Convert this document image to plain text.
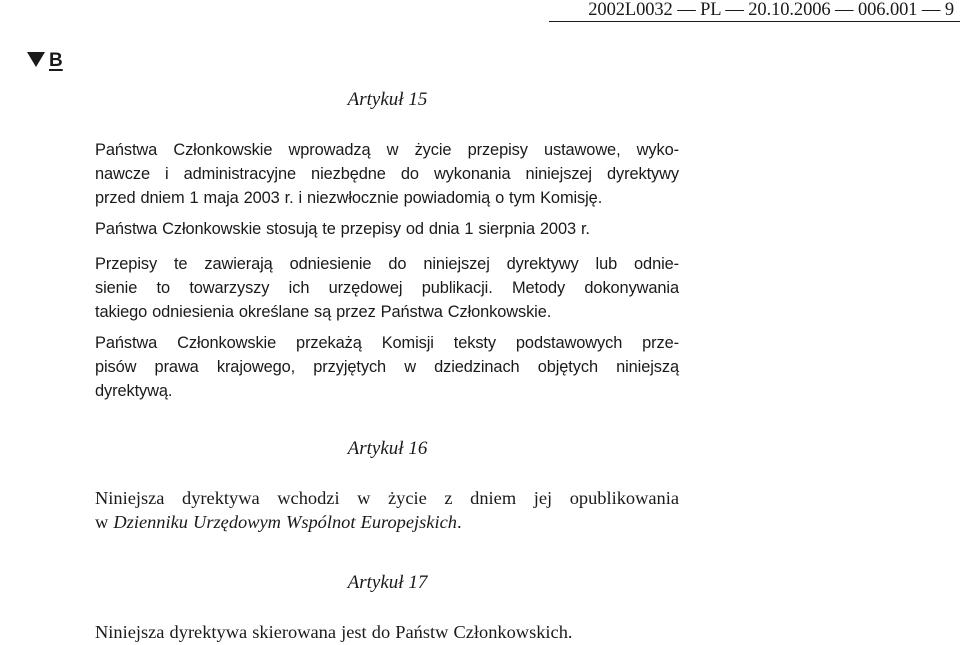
2002L0032 — PL — 20.10.2006 — 006.001 — 9
B
Artykuł 15
Państwa Członkowskie wprowadzą w życie przepisy ustawowe, wyko-
nawcze i administracyjne niezbędne do wykonania niniejszej dyrektywy
przed dniem 1 maja 2003 r. i niezwłocznie powiadomią o tym Komisję.
Państwa Członkowskie stosują te przepisy od dnia 1 sierpnia 2003 r.
Przepisy te zawierają odniesienie do niniejszej dyrektywy lub odnie-
sienie to towarzyszy ich urzędowej publikacji. Metody dokonywania
takiego odniesienia określane są przez Państwa Członkowskie.
Państwa Członkowskie przekażą Komisji teksty podstawowych prze-
pisów prawa krajowego, przyjętych w dziedzinach objętych niniejszą
dyrektywą.
Artykuł 16
Niniejsza dyrektywa wchodzi w życie z dniem jej opublikowania
w Dzienniku Urzędowym Wspólnot Europejskich.
Artykuł 17
Niniejsza dyrektywa skierowana jest do Państw Członkowskich.
